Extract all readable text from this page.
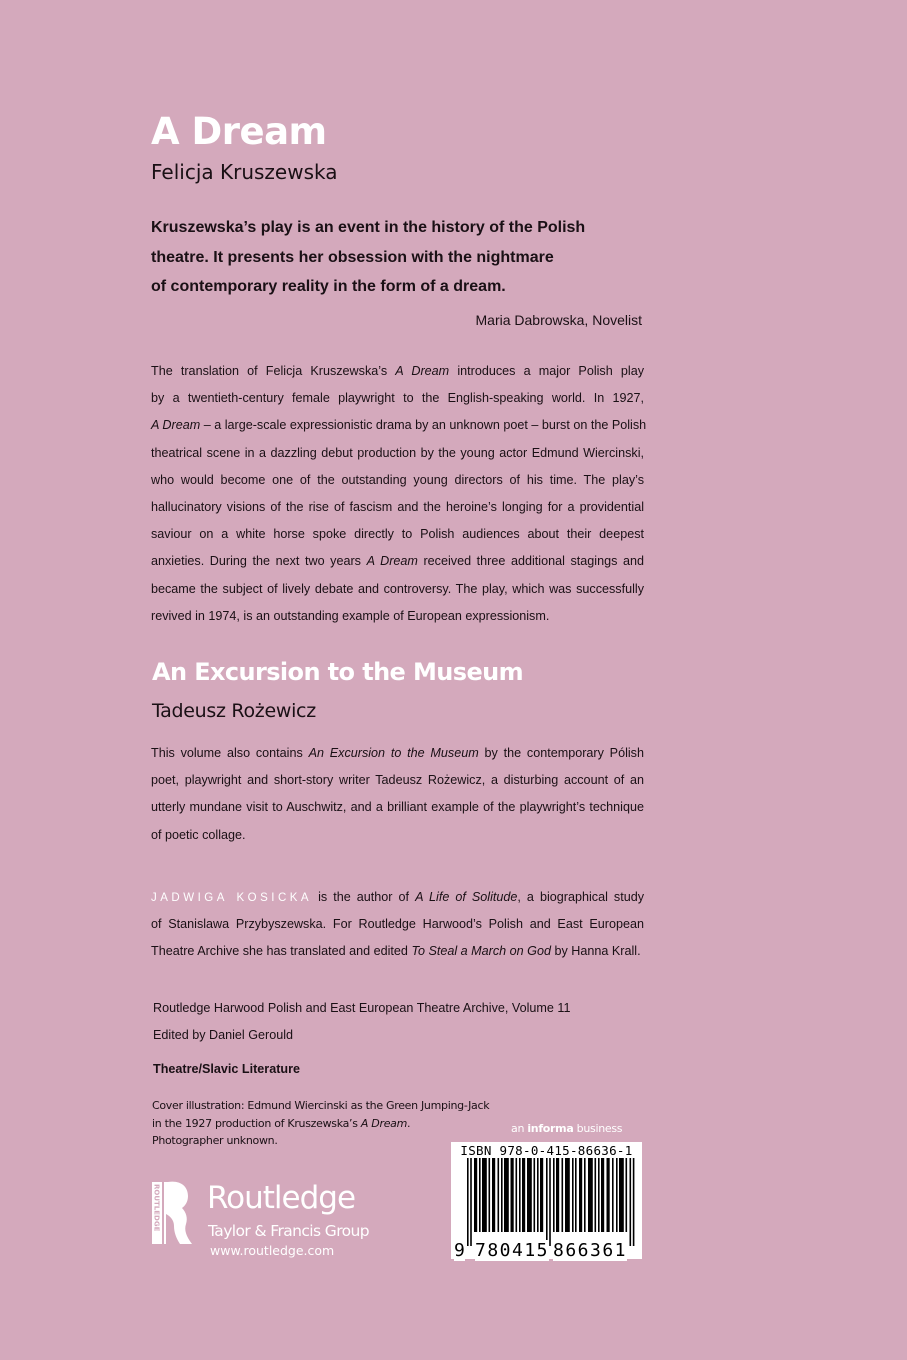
A Dream
Felicja Kruszewska
Kruszewska’s play is an event in the history of the Polish
theatre. It presents her obsession with the nightmare
of contemporary reality in the form of a dream.
Maria Dabrowska, Novelist
The translation of Felicja Kruszewska’s A Dream introduces a major Polish play
by a twentieth-century female playwright to the English-speaking world. In 1927,
A Dream – a large-scale expressionistic drama by an unknown poet – burst on the Polish
theatrical scene in a dazzling debut production by the young actor Edmund Wiercinski,
who would become one of the outstanding young directors of his time. The play’s
hallucinatory visions of the rise of fascism and the heroine’s longing for a providential
saviour on a white horse spoke directly to Polish audiences about their deepest
anxieties. During the next two years A Dream received three additional stagings and
became the subject of lively debate and controversy. The play, which was successfully
revived in 1974, is an outstanding example of European expressionism.
An Excursion to the Museum
Tadeusz Rożewicz
This volume also contains An Excursion to the Museum by the contemporary Pólish
poet, playwright and short-story writer Tadeusz Rożewicz, a disturbing account of an
utterly mundane visit to Auschwitz, and a brilliant example of the playwright’s technique
of poetic collage.
JADWIGA KOSICKA is the author of A Life of Solitude, a biographical study
of Stanislawa Przybyszewska. For Routledge Harwood’s Polish and East European
Theatre Archive she has translated and edited To Steal a March on God by Hanna Krall.
Routledge Harwood Polish and East European Theatre Archive, Volume 11
Edited by Daniel Gerould
Theatre/Slavic Literature
Cover illustration: Edmund Wiercinski as the Green Jumping-Jack
in the 1927 production of Kruszewska’s A Dream.
Photographer unknown.
an informa business
ISBN 978-0-415-86636-1
9 780415 866361
ROUTLEDGE Routledge
Taylor & Francis Group
www.routledge.com
